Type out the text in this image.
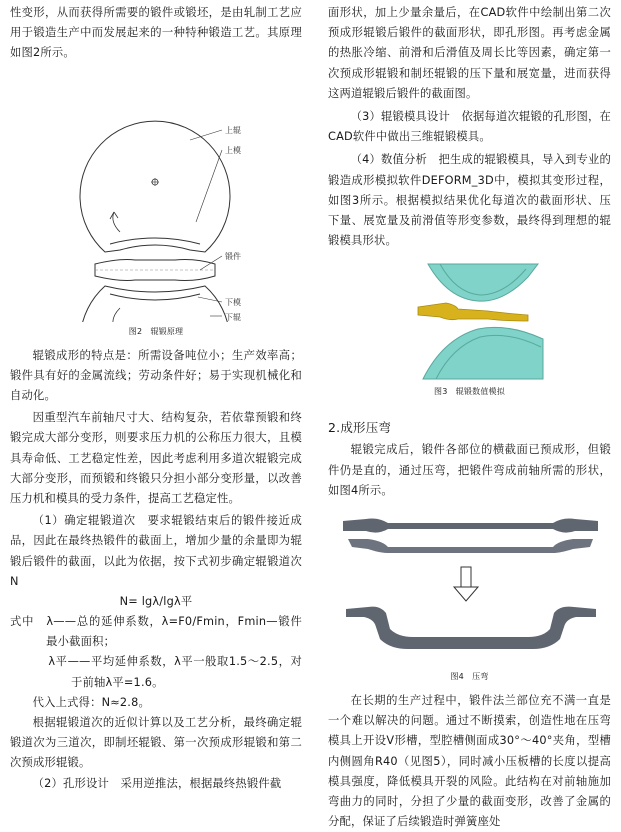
性变形，从而获得所需要的锻件或锻坯，是由轧制工艺应用于锻造生产中而发展起来的一种特种锻造工艺。其原理如图2所示。

上辊
上模
锻件
下模
下辊

图2　辊锻原理

辊锻成形的特点是：所需设备吨位小；生产效率高；锻件具有好的金属流线；劳动条件好；易于实现机械化和自动化。

因重型汽车前轴尺寸大、结构复杂，若依靠预锻和终锻完成大部分变形，则要求压力机的公称压力很大，且模具寿命低、工艺稳定性差，因此考虑利用多道次辊锻完成大部分变形，而预锻和终锻只分担小部分变形量，以改善压力机和模具的受力条件，提高工艺稳定性。

（1）确定辊锻道次　要求辊锻结束后的锻件接近成品，因此在最终热锻件的截面上，增加少量的余量即为辊锻后锻件的截面，以此为依据，按下式初步确定辊锻道次N

N= lgλ/lgλ平

式中　λ——总的延伸系数，λ=F0/Fmin，Fmin—锻件最小截面积；

λ平——平均延伸系数，λ平一般取1.5～2.5，对于前轴λ平=1.6。

代入上式得：N≈2.8。

根据辊锻道次的近似计算以及工艺分析，最终确定辊锻道次为三道次，即制坯辊锻、第一次预成形辊锻和第二次预成形辊锻。

（2）孔形设计　采用逆推法，根据最终热锻件截

面形状，加上少量余量后，在CAD软件中绘制出第二次预成形辊锻后锻件的截面形状，即孔形图。再考虑金属的热胀冷缩、前滑和后滑值及周长比等因素，确定第一次预成形辊锻和制坯辊锻的压下量和展宽量，进而获得这两道辊锻后锻件的截面图。

（3）辊锻模具设计　依据每道次辊锻的孔形图，在CAD软件中做出三维辊锻模具。

（4）数值分析　把生成的辊锻模具，导入到专业的锻造成形模拟软件DEFORM_3D中，模拟其变形过程，如图3所示。根据模拟结果优化每道次的截面形状、压下量、展宽量及前滑值等形变参数，最终得到理想的辊锻模具形状。

图3　辊锻数值模拟

2.成形压弯

辊锻完成后，锻件各部位的横截面已预成形，但锻件仍是直的，通过压弯，把锻件弯成前轴所需的形状，如图4所示。

图4　压弯

在长期的生产过程中，锻件法兰部位充不满一直是一个难以解决的问题。通过不断摸索，创造性地在压弯模具上开设V形槽，型腔槽侧面成30°～40°夹角，型槽内侧圆角R40（见图5），同时减小压板槽的长度以提高模具强度，降低模具开裂的风险。此结构在对前轴施加弯曲力的同时，分担了少量的截面变形，改善了金属的分配，保证了后续锻造时弹簧座处
